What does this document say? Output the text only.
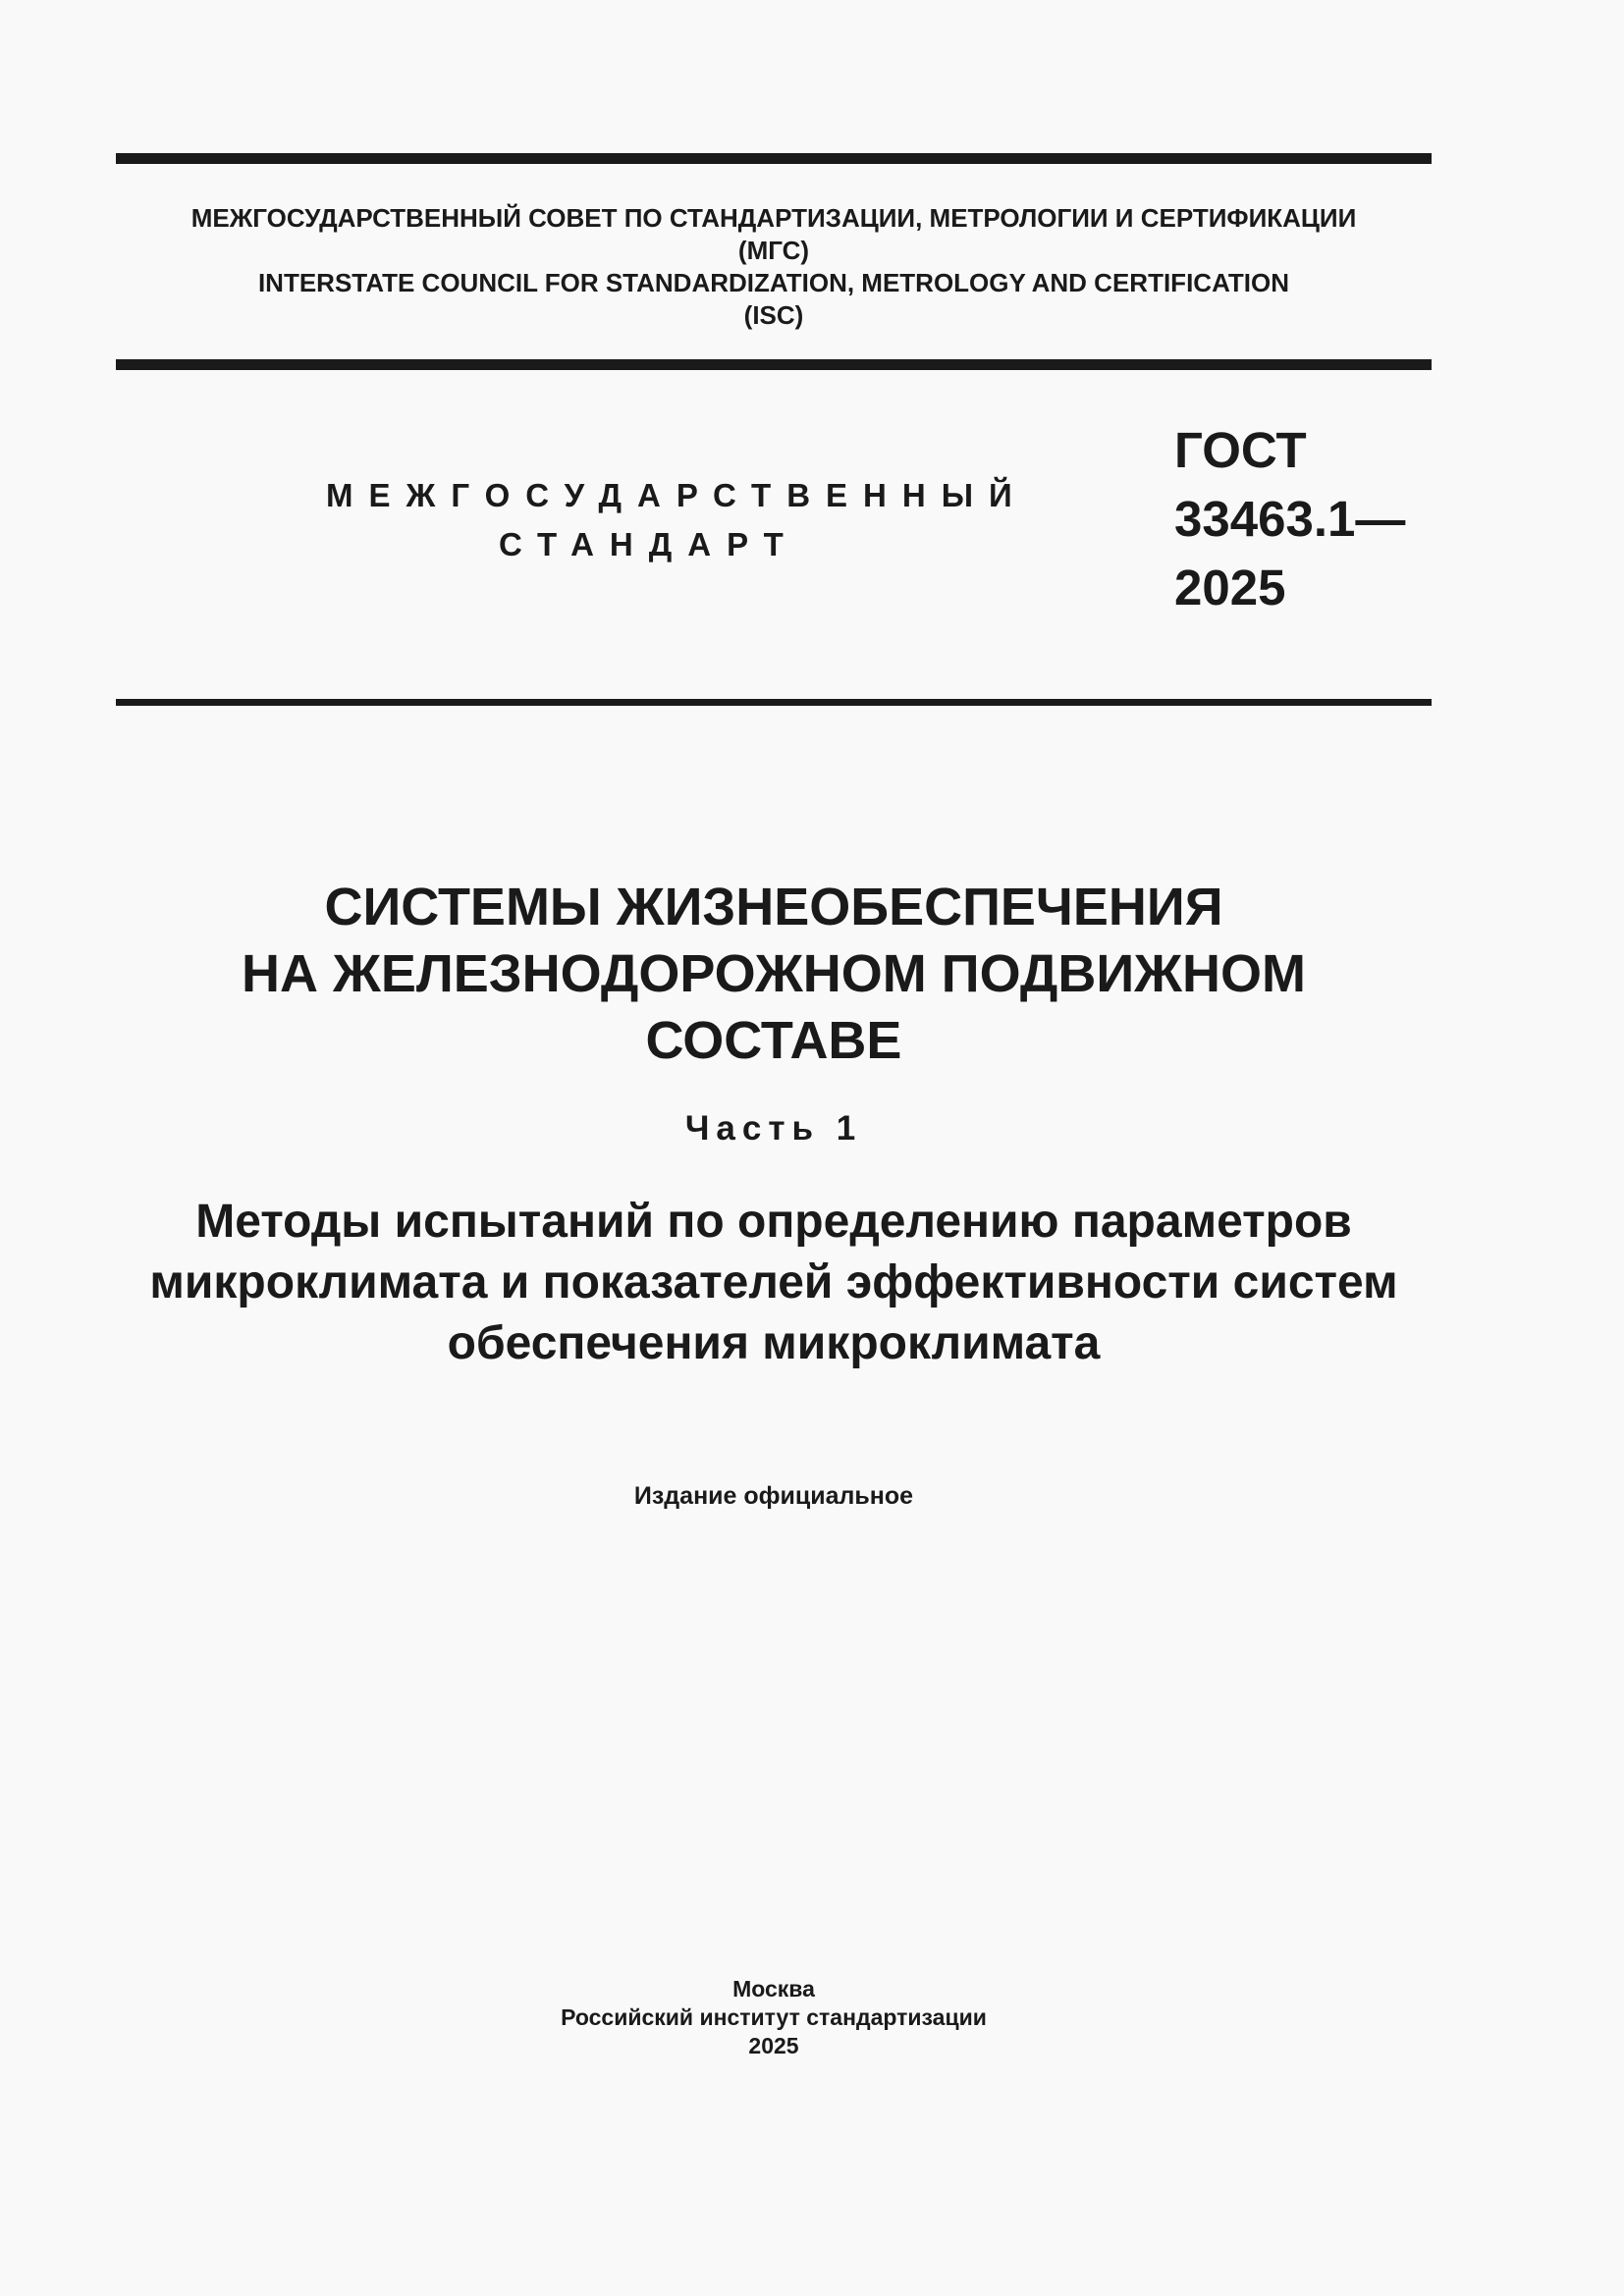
МЕЖГОСУДАРСТВЕННЫЙ СОВЕТ ПО СТАНДАРТИЗАЦИИ, МЕТРОЛОГИИ И СЕРТИФИКАЦИИ
(МГС)
INTERSTATE COUNCIL FOR STANDARDIZATION, METROLOGY AND CERTIFICATION
(ISC)
МЕЖГОСУДАРСТВЕННЫЙ
СТАНДАРТ
ГОСТ
33463.1—
2025
СИСТЕМЫ ЖИЗНЕОБЕСПЕЧЕНИЯ
НА ЖЕЛЕЗНОДОРОЖНОМ ПОДВИЖНОМ
СОСТАВЕ
Часть 1
Методы испытаний по определению параметров
микроклимата и показателей эффективности систем
обеспечения микроклимата
Издание официальное
Москва
Российский институт стандартизации
2025
